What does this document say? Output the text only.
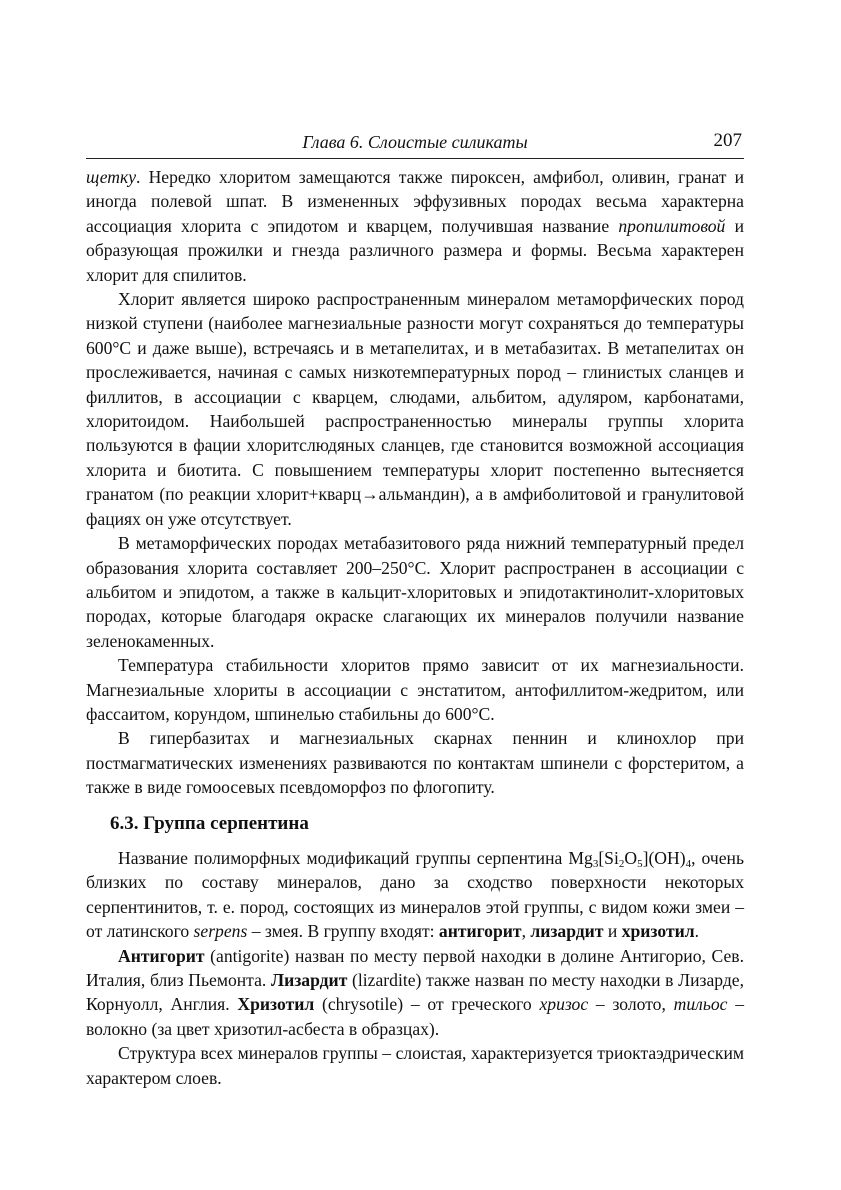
Глава 6. Слоистые силикаты	207

щетку. Нередко хлоритом замещаются также пироксен, амфибол, оливин, гранат и иногда полевой шпат. В измененных эффузивных породах весьма характерна ассоциация хлорита с эпидотом и кварцем, получившая название пропилитовой и образующая прожилки и гнезда различного размера и формы. Весьма характерен хлорит для спилитов.

Хлорит является широко распространенным минералом метаморфических пород низкой ступени (наиболее магнезиальные разности могут сохраняться до температуры 600°С и даже выше), встречаясь и в метапелитах, и в метабазитах. В метапелитах он прослеживается, начиная с самых низкотемпературных пород – глинистых сланцев и филлитов, в ассоциации с кварцем, слюдами, альбитом, адуляром, карбонатами, хлоритоидом. Наибольшей распространенностью минералы группы хлорита пользуются в фации хлоритслюдяных сланцев, где становится возможной ассоциация хлорита и биотита. С повышением температуры хлорит постепенно вытесняется гранатом (по реакции хлорит+кварц→альмандин), а в амфиболитовой и гранулитовой фациях он уже отсутствует.

В метаморфических породах метабазитового ряда нижний температурный предел образования хлорита составляет 200–250°С. Хлорит распространен в ассоциации с альбитом и эпидотом, а также в кальцит-хлоритовых и эпидотактинолит-хлоритовых породах, которые благодаря окраске слагающих их минералов получили название зеленокаменных.

Температура стабильности хлоритов прямо зависит от их магнезиальности. Магнезиальные хлориты в ассоциации с энстатитом, антофиллитом-жедритом, или фассаитом, корундом, шпинелью стабильны до 600°С.

В гипербазитах и магнезиальных скарнах пеннин и клинохлор при постмагматических изменениях развиваются по контактам шпинели с форстеритом, а также в виде гомоосевых псевдоморфоз по флогопиту.

6.3. Группа серпентина

Название полиморфных модификаций группы серпентина $Mg_3[Si_2O_5](OH)_4$, очень близких по составу минералов, дано за сходство поверхности некоторых серпентинитов, т. е. пород, состоящих из минералов этой группы, с видом кожи змеи – от латинского serpens – змея. В группу входят: антигорит, лизардит и хризотил.

Антигорит (antigorite) назван по месту первой находки в долине Антигорио, Сев. Италия, близ Пьемонта. Лизардит (lizardite) также назван по месту находки в Лизарде, Корнуолл, Англия. Хризотил (chrysotile) – от греческого хризос – золото, тильос – волокно (за цвет хризотил-асбеста в образцах).

Структура всех минералов группы – слоистая, характеризуется триоктаэдрическим характером слоев.
